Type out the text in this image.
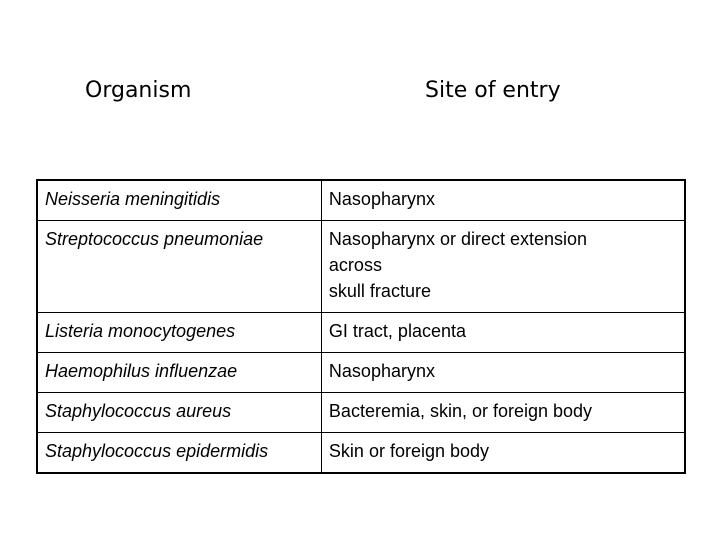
Organism	Site of entry
Neisseria meningitidis	Nasopharynx

Streptococcus pneumoniae	Nasopharynx or direct extension
across
skull fracture

Listeria monocytogenes	GI tract, placenta

Haemophilus influenzae	Nasopharynx

Staphylococcus aureus	Bacteremia, skin, or foreign body

Staphylococcus epidermidis	Skin or foreign body
